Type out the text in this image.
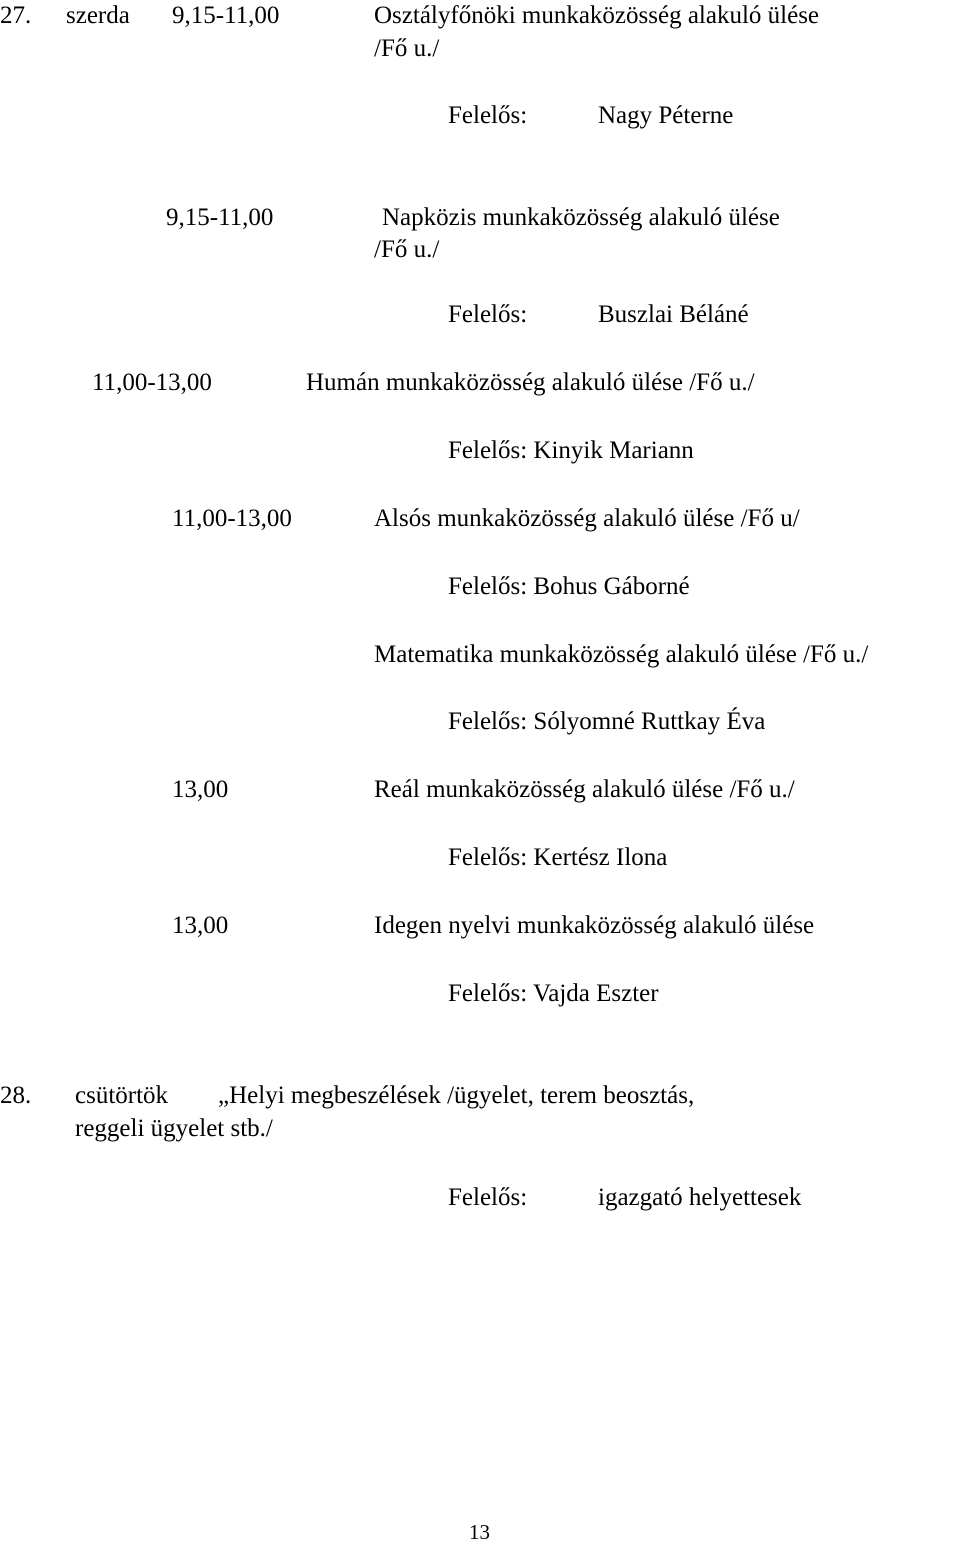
27. szerda 9,15-11,00	Osztályfőnöki munkaközösség alakuló ülése
/Fő u./
Felelős:	Nagy Péterne
9,15-11,00	Napközis munkaközösség alakuló ülése
/Fő u./
Felelős:	Buszlai Béláné
11,00-13,00	Humán munkaközösség alakuló ülése /Fő u./
Felelős: Kinyik Mariann
11,00-13,00	Alsós munkaközösség alakuló ülése /Fő u/
Felelős: Bohus Gáborné
Matematika munkaközösség alakuló ülése /Fő u./
Felelős: Sólyomné Ruttkay Éva
13,00	Reál munkaközösség alakuló ülése /Fő u./
Felelős: Kertész Ilona
13,00	Idegen nyelvi munkaközösség alakuló ülése
Felelős: Vajda Eszter
28. csütörtök „Helyi megbeszélések /ügyelet, terem beosztás,
reggeli ügyelet stb./
Felelős:	igazgató helyettesek
13
